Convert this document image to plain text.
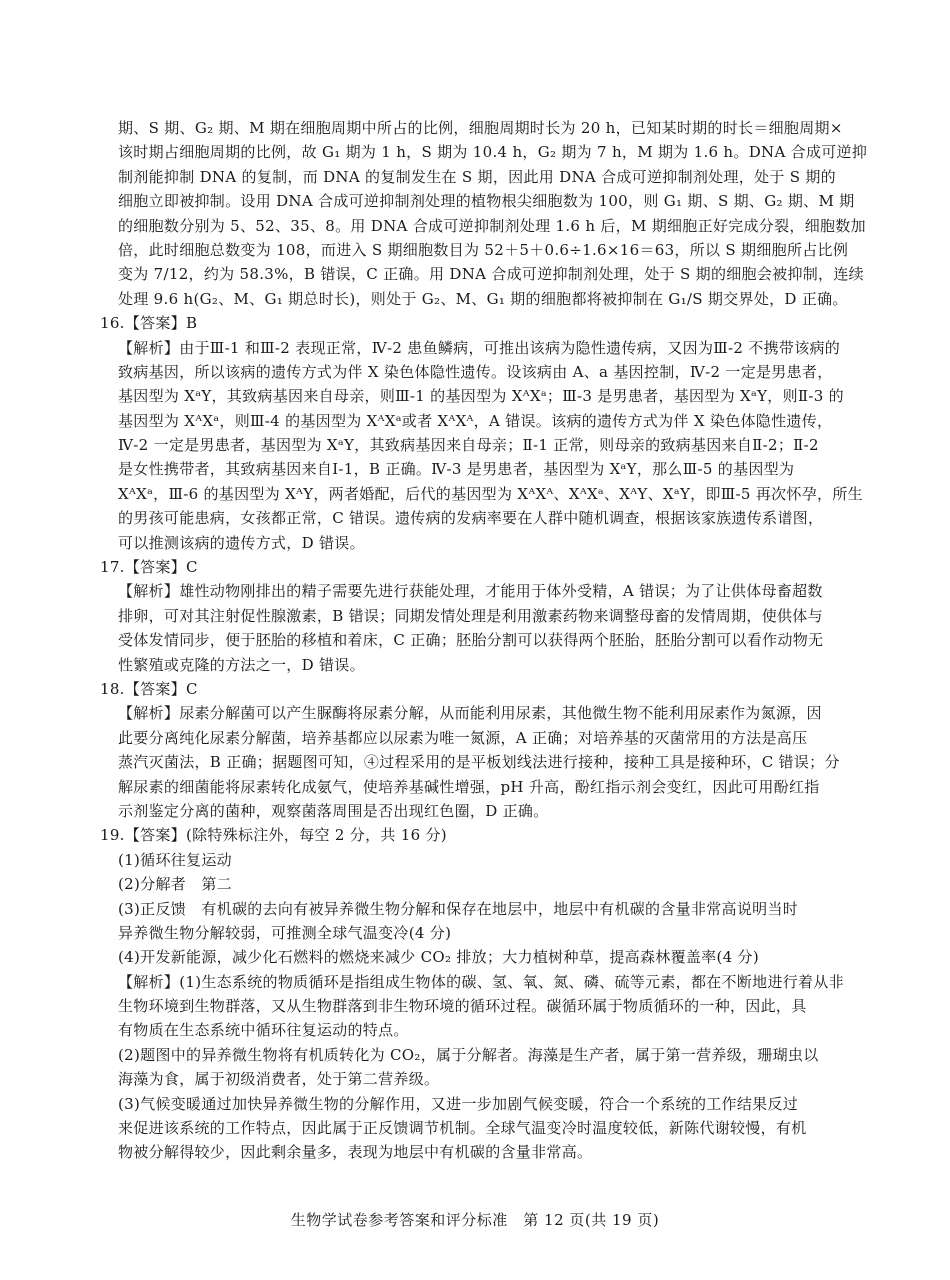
期、S 期、G₂ 期、M 期在细胞周期中所占的比例，细胞周期时长为 20 h，已知某时期的时长＝细胞周期×
该时期占细胞周期的比例，故 G₁ 期为 1 h，S 期为 10.4 h，G₂ 期为 7 h，M 期为 1.6 h。DNA 合成可逆抑
制剂能抑制 DNA 的复制，而 DNA 的复制发生在 S 期，因此用 DNA 合成可逆抑制剂处理，处于 S 期的
细胞立即被抑制。设用 DNA 合成可逆抑制剂处理的植物根尖细胞数为 100，则 G₁ 期、S 期、G₂ 期、M 期
的细胞数分别为 5、52、35、8。用 DNA 合成可逆抑制剂处理 1.6 h 后，M 期细胞正好完成分裂，细胞数加
倍，此时细胞总数变为 108，而进入 S 期细胞数目为 52＋5＋0.6÷1.6×16＝63，所以 S 期细胞所占比例
变为 7/12，约为 58.3%，B 错误，C 正确。用 DNA 合成可逆抑制剂处理，处于 S 期的细胞会被抑制，连续
处理 9.6 h(G₂、M、G₁ 期总时长)，则处于 G₂、M、G₁ 期的细胞都将被抑制在 G₁/S 期交界处，D 正确。
16.【答案】B
【解析】由于Ⅲ-1 和Ⅲ-2 表现正常，Ⅳ-2 患鱼鳞病，可推出该病为隐性遗传病，又因为Ⅲ-2 不携带该病的
致病基因，所以该病的遗传方式为伴 X 染色体隐性遗传。设该病由 A、a 基因控制，Ⅳ-2 一定是男患者，
基因型为 XᵃY，其致病基因来自母亲，则Ⅲ-1 的基因型为 XᴬXᵃ；Ⅲ-3 是男患者，基因型为 XᵃY，则Ⅱ-3 的
基因型为 XᴬXᵃ，则Ⅲ-4 的基因型为 XᴬXᵃ或者 XᴬXᴬ，A 错误。该病的遗传方式为伴 X 染色体隐性遗传，
Ⅳ-2 一定是男患者，基因型为 XᵃY，其致病基因来自母亲；Ⅱ-1 正常，则母亲的致病基因来自Ⅱ-2；Ⅱ-2
是女性携带者，其致病基因来自Ⅰ-1，B 正确。Ⅳ-3 是男患者，基因型为 XᵃY，那么Ⅲ-5 的基因型为
XᴬXᵃ，Ⅲ-6 的基因型为 XᴬY，两者婚配，后代的基因型为 XᴬXᴬ、XᴬXᵃ、XᴬY、XᵃY，即Ⅲ-5 再次怀孕，所生
的男孩可能患病，女孩都正常，C 错误。遗传病的发病率要在人群中随机调查，根据该家族遗传系谱图，
可以推测该病的遗传方式，D 错误。
17.【答案】C
【解析】雄性动物刚排出的精子需要先进行获能处理，才能用于体外受精，A 错误；为了让供体母畜超数
排卵，可对其注射促性腺激素，B 错误；同期发情处理是利用激素药物来调整母畜的发情周期，使供体与
受体发情同步，便于胚胎的移植和着床，C 正确；胚胎分割可以获得两个胚胎，胚胎分割可以看作动物无
性繁殖或克隆的方法之一，D 错误。
18.【答案】C
【解析】尿素分解菌可以产生脲酶将尿素分解，从而能利用尿素，其他微生物不能利用尿素作为氮源，因
此要分离纯化尿素分解菌，培养基都应以尿素为唯一氮源，A 正确；对培养基的灭菌常用的方法是高压
蒸汽灭菌法，B 正确；据题图可知，④过程采用的是平板划线法进行接种，接种工具是接种环，C 错误；分
解尿素的细菌能将尿素转化成氨气，使培养基碱性增强，pH 升高，酚红指示剂会变红，因此可用酚红指
示剂鉴定分离的菌种，观察菌落周围是否出现红色圈，D 正确。
19.【答案】(除特殊标注外，每空 2 分，共 16 分)
(1)循环往复运动
(2)分解者　第二
(3)正反馈　有机碳的去向有被异养微生物分解和保存在地层中，地层中有机碳的含量非常高说明当时
异养微生物分解较弱，可推测全球气温变冷(4 分)
(4)开发新能源，减少化石燃料的燃烧来减少 CO₂ 排放；大力植树种草，提高森林覆盖率(4 分)
【解析】(1)生态系统的物质循环是指组成生物体的碳、氢、氧、氮、磷、硫等元素，都在不断地进行着从非
生物环境到生物群落，又从生物群落到非生物环境的循环过程。碳循环属于物质循环的一种，因此，具
有物质在生态系统中循环往复运动的特点。
(2)题图中的异养微生物将有机质转化为 CO₂，属于分解者。海藻是生产者，属于第一营养级，珊瑚虫以
海藻为食，属于初级消费者，处于第二营养级。
(3)气候变暖通过加快异养微生物的分解作用，又进一步加剧气候变暖，符合一个系统的工作结果反过
来促进该系统的工作特点，因此属于正反馈调节机制。全球气温变冷时温度较低，新陈代谢较慢，有机
物被分解得较少，因此剩余量多，表现为地层中有机碳的含量非常高。
生物学试卷参考答案和评分标准　第 12 页(共 19 页)
